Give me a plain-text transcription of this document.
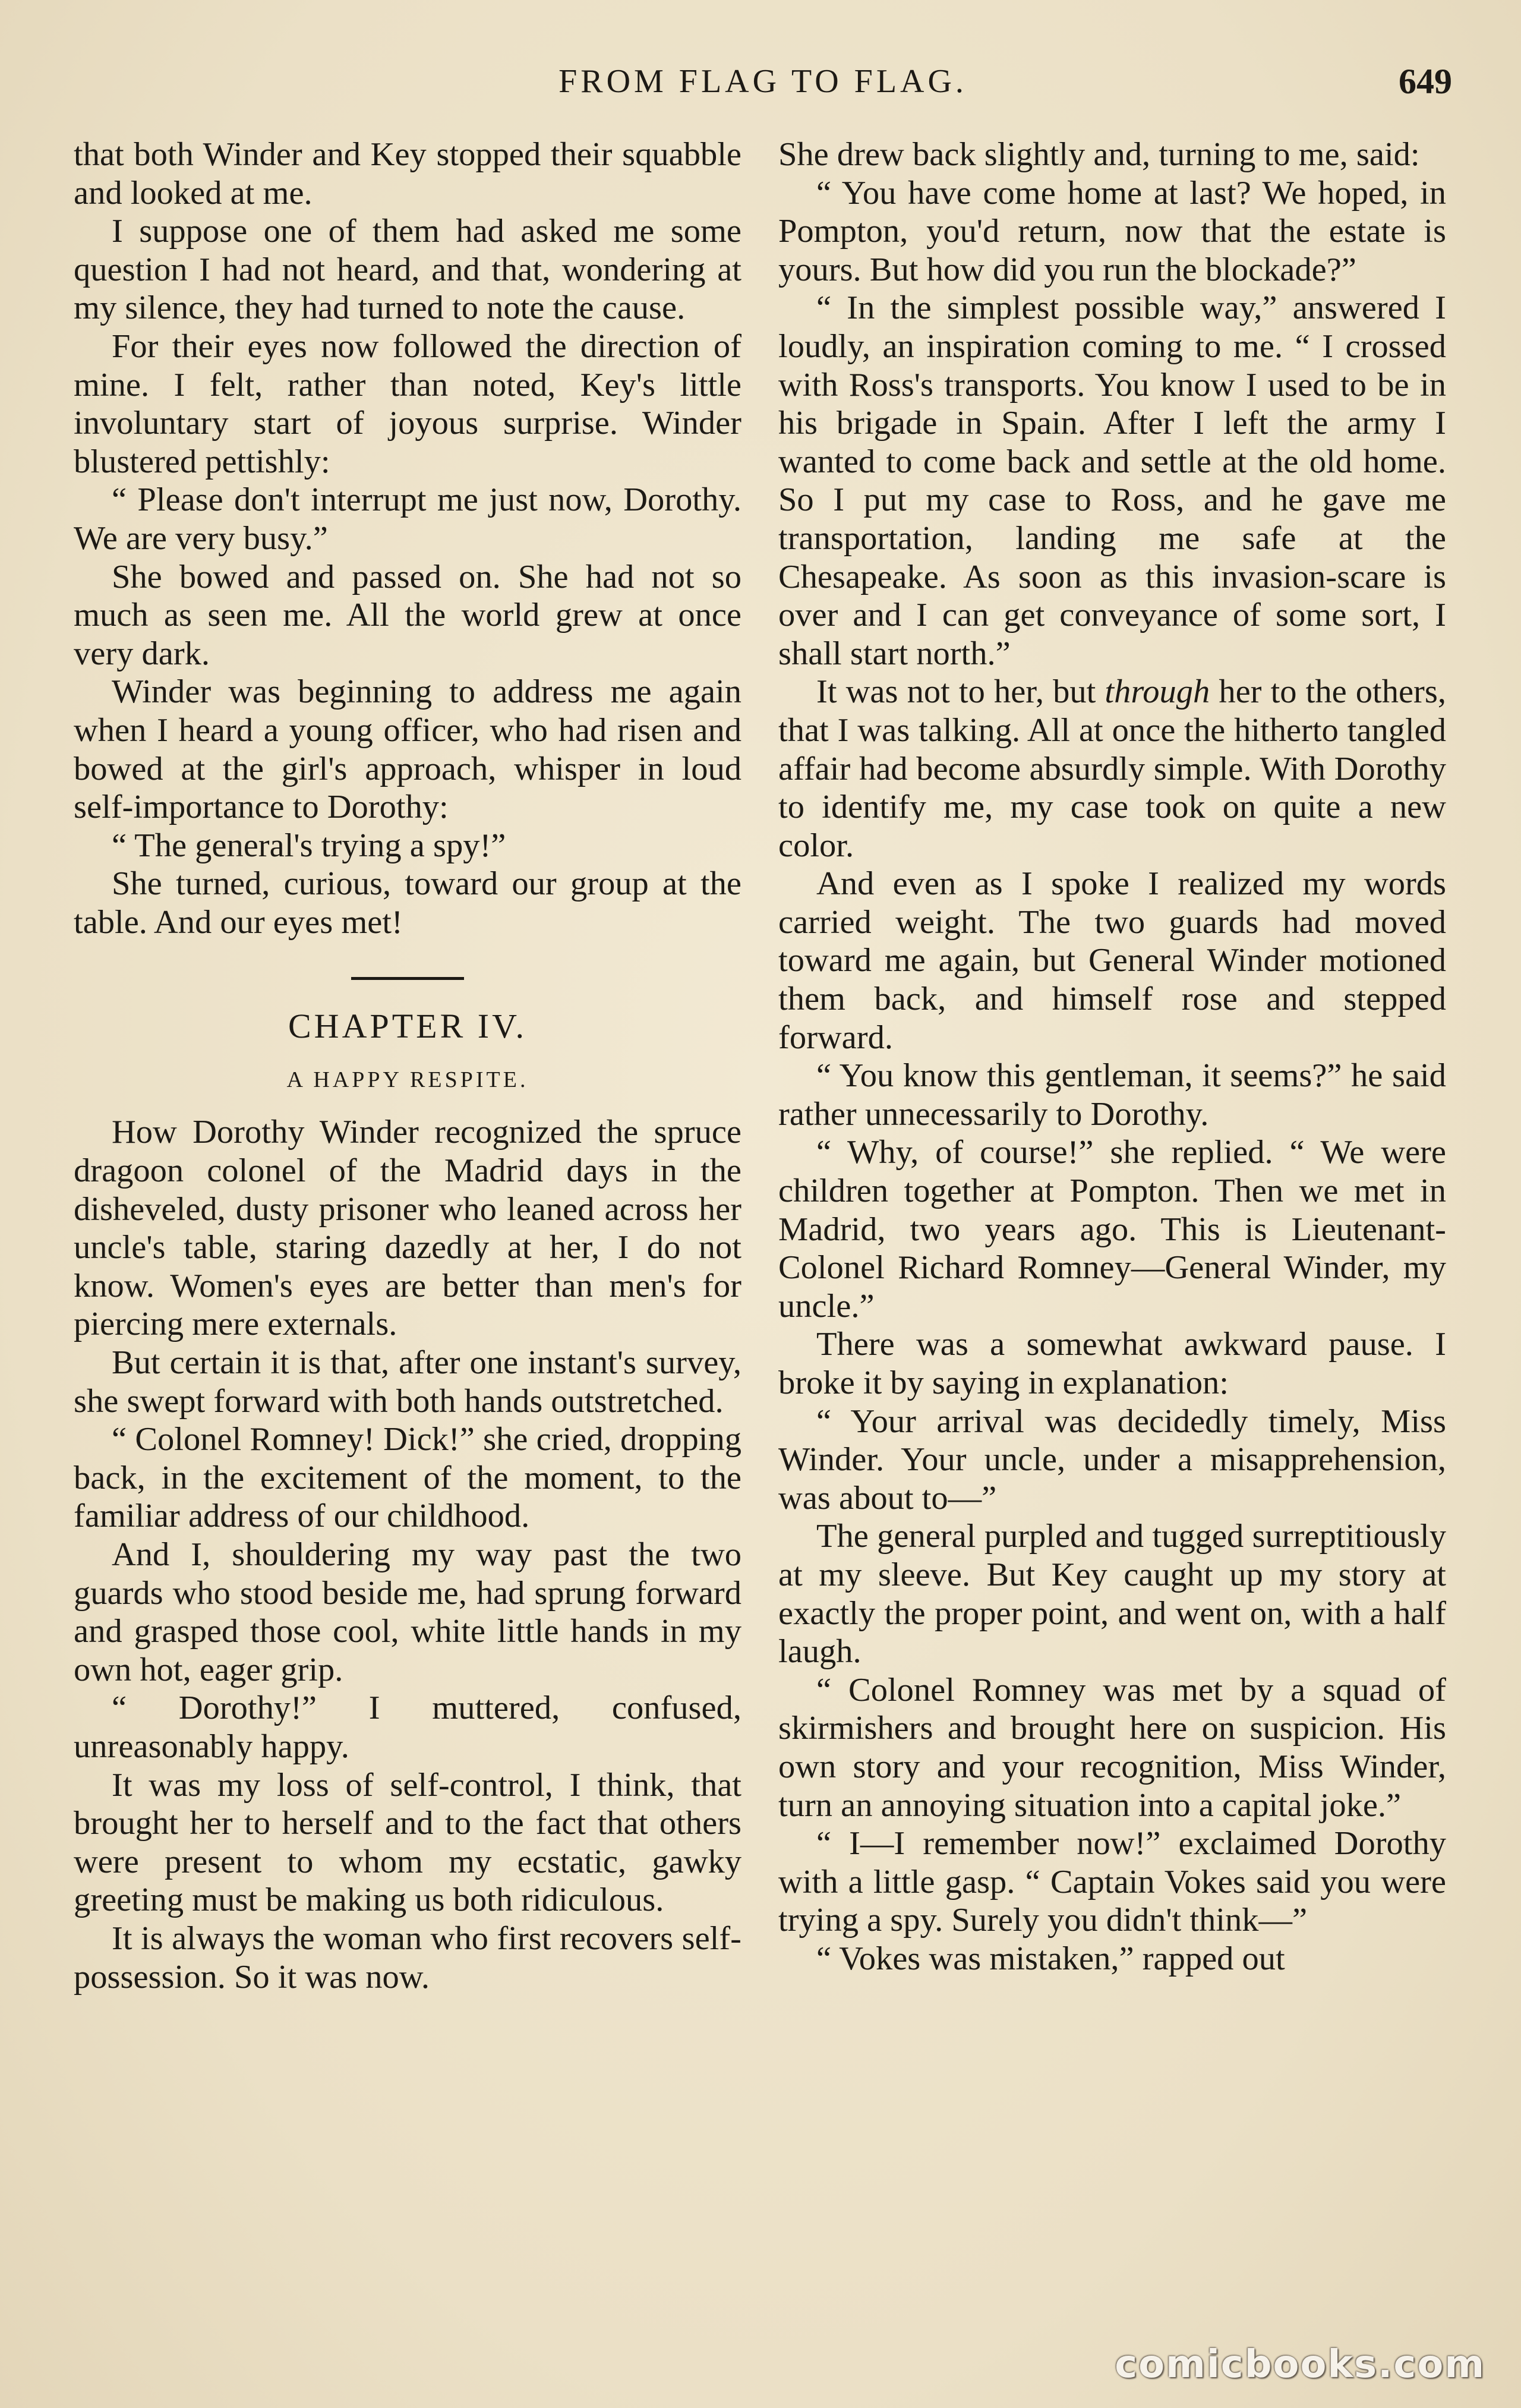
FROM FLAG TO FLAG.	649

that both Winder and Key stopped their squabble and looked at me.

I suppose one of them had asked me some question I had not heard, and that, wondering at my silence, they had turned to note the cause.

For their eyes now followed the direction of mine. I felt, rather than noted, Key's little involuntary start of joyous surprise. Winder blustered pettishly:

“ Please don't interrupt me just now, Dorothy. We are very busy.”

She bowed and passed on. She had not so much as seen me. All the world grew at once very dark.

Winder was beginning to address me again when I heard a young officer, who had risen and bowed at the girl's approach, whisper in loud self-importance to Dorothy:

“ The general's trying a spy!”

She turned, curious, toward our group at the table. And our eyes met!

CHAPTER IV.
A HAPPY RESPITE.

How Dorothy Winder recognized the spruce dragoon colonel of the Madrid days in the disheveled, dusty prisoner who leaned across her uncle's table, staring dazedly at her, I do not know. Women's eyes are better than men's for piercing mere externals.

But certain it is that, after one instant's survey, she swept forward with both hands outstretched.

“ Colonel Romney! Dick!” she cried, dropping back, in the excitement of the moment, to the familiar address of our childhood.

And I, shouldering my way past the two guards who stood beside me, had sprung forward and grasped those cool, white little hands in my own hot, eager grip.

“ Dorothy!” I muttered, confused, unreasonably happy.

It was my loss of self-control, I think, that brought her to herself and to the fact that others were present to whom my ecstatic, gawky greeting must be making us both ridiculous.

It is always the woman who first recovers self-possession. So it was now.

She drew back slightly and, turning to me, said:

“ You have come home at last? We hoped, in Pompton, you'd return, now that the estate is yours. But how did you run the blockade?”

“ In the simplest possible way,” answered I loudly, an inspiration coming to me. “ I crossed with Ross's transports. You know I used to be in his brigade in Spain. After I left the army I wanted to come back and settle at the old home. So I put my case to Ross, and he gave me transportation, landing me safe at the Chesapeake. As soon as this invasion-scare is over and I can get conveyance of some sort, I shall start north.”

It was not to her, but through her to the others, that I was talking. All at once the hitherto tangled affair had become absurdly simple. With Dorothy to identify me, my case took on quite a new color.

And even as I spoke I realized my words carried weight. The two guards had moved toward me again, but General Winder motioned them back, and himself rose and stepped forward.

“ You know this gentleman, it seems?” he said rather unnecessarily to Dorothy.

“ Why, of course!” she replied. “ We were children together at Pompton. Then we met in Madrid, two years ago. This is Lieutenant-Colonel Richard Romney—General Winder, my uncle.”

There was a somewhat awkward pause. I broke it by saying in explanation:

“ Your arrival was decidedly timely, Miss Winder. Your uncle, under a misapprehension, was about to—”

The general purpled and tugged surreptitiously at my sleeve. But Key caught up my story at exactly the proper point, and went on, with a half laugh.

“ Colonel Romney was met by a squad of skirmishers and brought here on suspicion. His own story and your recognition, Miss Winder, turn an annoying situation into a capital joke.”

“ I—I remember now!” exclaimed Dorothy with a little gasp. “ Captain Vokes said you were trying a spy. Surely you didn't think—”

“ Vokes was mistaken,” rapped out

comicbooks.com
